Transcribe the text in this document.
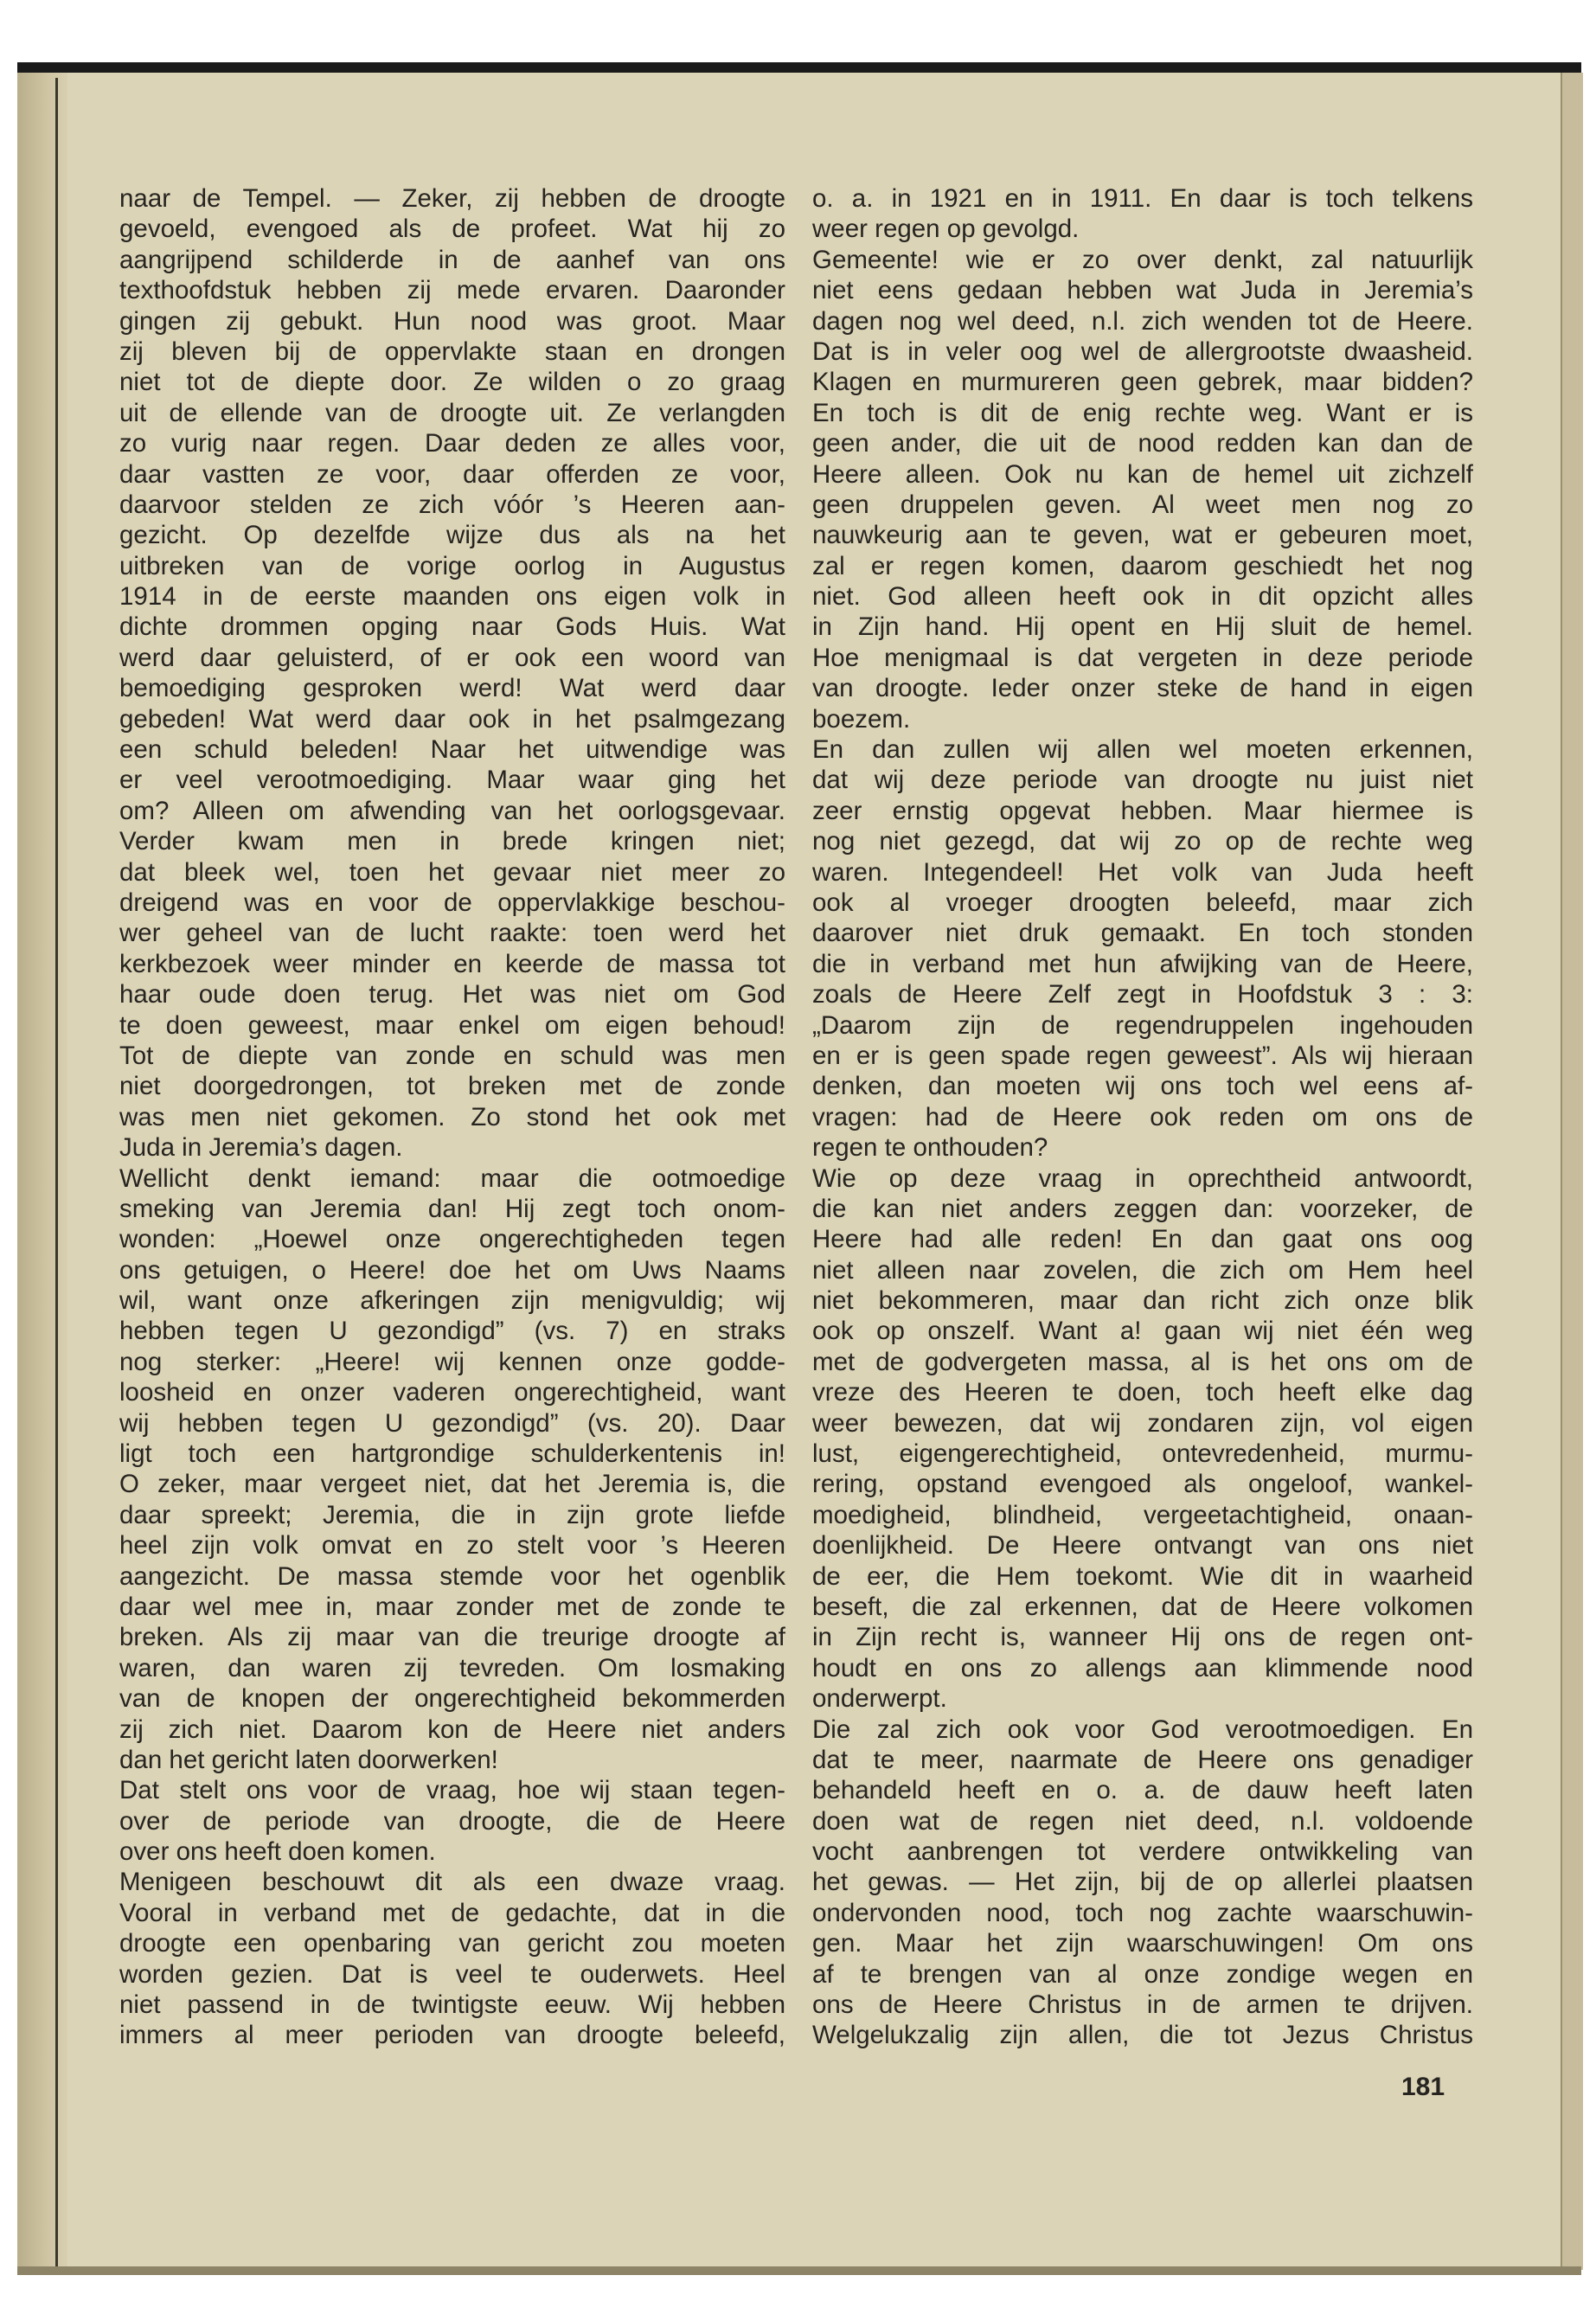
naar de Tempel. — Zeker, zij hebben de droogte
gevoeld, evengoed als de profeet. Wat hij zo
aangrijpend schilderde in de aanhef van ons
texthoofdstuk hebben zij mede ervaren. Daaronder
gingen zij gebukt. Hun nood was groot. Maar
zij bleven bij de oppervlakte staan en drongen
niet tot de diepte door. Ze wilden o zo graag
uit de ellende van de droogte uit. Ze verlangden
zo vurig naar regen. Daar deden ze alles voor,
daar vastten ze voor, daar offerden ze voor,
daarvoor stelden ze zich vóór ’s Heeren aan-
gezicht. Op dezelfde wijze dus als na het
uitbreken van de vorige oorlog in Augustus
1914 in de eerste maanden ons eigen volk in
dichte drommen opging naar Gods Huis. Wat
werd daar geluisterd, of er ook een woord van
bemoediging gesproken werd! Wat werd daar
gebeden! Wat werd daar ook in het psalmgezang
een schuld beleden! Naar het uitwendige was
er veel verootmoediging. Maar waar ging het
om? Alleen om afwending van het oorlogsgevaar.
Verder kwam men in brede kringen niet;
dat bleek wel, toen het gevaar niet meer zo
dreigend was en voor de oppervlakkige beschou-
wer geheel van de lucht raakte: toen werd het
kerkbezoek weer minder en keerde de massa tot
haar oude doen terug. Het was niet om God
te doen geweest, maar enkel om eigen behoud!
Tot de diepte van zonde en schuld was men
niet doorgedrongen, tot breken met de zonde
was men niet gekomen. Zo stond het ook met
Juda in Jeremia’s dagen.
Wellicht denkt iemand: maar die ootmoedige
smeking van Jeremia dan! Hij zegt toch onom-
wonden: „Hoewel onze ongerechtigheden tegen
ons getuigen, o Heere! doe het om Uws Naams
wil, want onze afkeringen zijn menigvuldig; wij
hebben tegen U gezondigd” (vs. 7) en straks
nog sterker: „Heere! wij kennen onze godde-
loosheid en onzer vaderen ongerechtigheid, want
wij hebben tegen U gezondigd” (vs. 20). Daar
ligt toch een hartgrondige schulderkentenis in!
O zeker, maar vergeet niet, dat het Jeremia is, die
daar spreekt; Jeremia, die in zijn grote liefde
heel zijn volk omvat en zo stelt voor ’s Heeren
aangezicht. De massa stemde voor het ogenblik
daar wel mee in, maar zonder met de zonde te
breken. Als zij maar van die treurige droogte af
waren, dan waren zij tevreden. Om losmaking
van de knopen der ongerechtigheid bekommerden
zij zich niet. Daarom kon de Heere niet anders
dan het gericht laten doorwerken!
Dat stelt ons voor de vraag, hoe wij staan tegen-
over de periode van droogte, die de Heere
over ons heeft doen komen.
Menigeen beschouwt dit als een dwaze vraag.
Vooral in verband met de gedachte, dat in die
droogte een openbaring van gericht zou moeten
worden gezien. Dat is veel te ouderwets. Heel
niet passend in de twintigste eeuw. Wij hebben
immers al meer perioden van droogte beleefd,
o. a. in 1921 en in 1911. En daar is toch telkens
weer regen op gevolgd.
Gemeente! wie er zo over denkt, zal natuurlijk
niet eens gedaan hebben wat Juda in Jeremia’s
dagen nog wel deed, n.l. zich wenden tot de Heere.
Dat is in veler oog wel de allergrootste dwaasheid.
Klagen en murmureren geen gebrek, maar bidden?
En toch is dit de enig rechte weg. Want er is
geen ander, die uit de nood redden kan dan de
Heere alleen. Ook nu kan de hemel uit zichzelf
geen druppelen geven. Al weet men nog zo
nauwkeurig aan te geven, wat er gebeuren moet,
zal er regen komen, daarom geschiedt het nog
niet. God alleen heeft ook in dit opzicht alles
in Zijn hand. Hij opent en Hij sluit de hemel.
Hoe menigmaal is dat vergeten in deze periode
van droogte. Ieder onzer steke de hand in eigen
boezem.
En dan zullen wij allen wel moeten erkennen,
dat wij deze periode van droogte nu juist niet
zeer ernstig opgevat hebben. Maar hiermee is
nog niet gezegd, dat wij zo op de rechte weg
waren. Integendeel! Het volk van Juda heeft
ook al vroeger droogten beleefd, maar zich
daarover niet druk gemaakt. En toch stonden
die in verband met hun afwijking van de Heere,
zoals de Heere Zelf zegt in Hoofdstuk 3 : 3:
„Daarom zijn de regendruppelen ingehouden
en er is geen spade regen geweest”. Als wij hieraan
denken, dan moeten wij ons toch wel eens af-
vragen: had de Heere ook reden om ons de
regen te onthouden?
Wie op deze vraag in oprechtheid antwoordt,
die kan niet anders zeggen dan: voorzeker, de
Heere had alle reden! En dan gaat ons oog
niet alleen naar zovelen, die zich om Hem heel
niet bekommeren, maar dan richt zich onze blik
ook op onszelf. Want a! gaan wij niet één weg
met de godvergeten massa, al is het ons om de
vreze des Heeren te doen, toch heeft elke dag
weer bewezen, dat wij zondaren zijn, vol eigen
lust, eigengerechtigheid, ontevredenheid, murmu-
rering, opstand evengoed als ongeloof, wankel-
moedigheid, blindheid, vergeetachtigheid, onaan-
doenlijkheid. De Heere ontvangt van ons niet
de eer, die Hem toekomt. Wie dit in waarheid
beseft, die zal erkennen, dat de Heere volkomen
in Zijn recht is, wanneer Hij ons de regen ont-
houdt en ons zo allengs aan klimmende nood
onderwerpt.
Die zal zich ook voor God verootmoedigen. En
dat te meer, naarmate de Heere ons genadiger
behandeld heeft en o. a. de dauw heeft laten
doen wat de regen niet deed, n.l. voldoende
vocht aanbrengen tot verdere ontwikkeling van
het gewas. — Het zijn, bij de op allerlei plaatsen
ondervonden nood, toch nog zachte waarschuwin-
gen. Maar het zijn waarschuwingen! Om ons
af te brengen van al onze zondige wegen en
ons de Heere Christus in de armen te drijven.
Welgelukzalig zijn allen, die tot Jezus Christus
181
